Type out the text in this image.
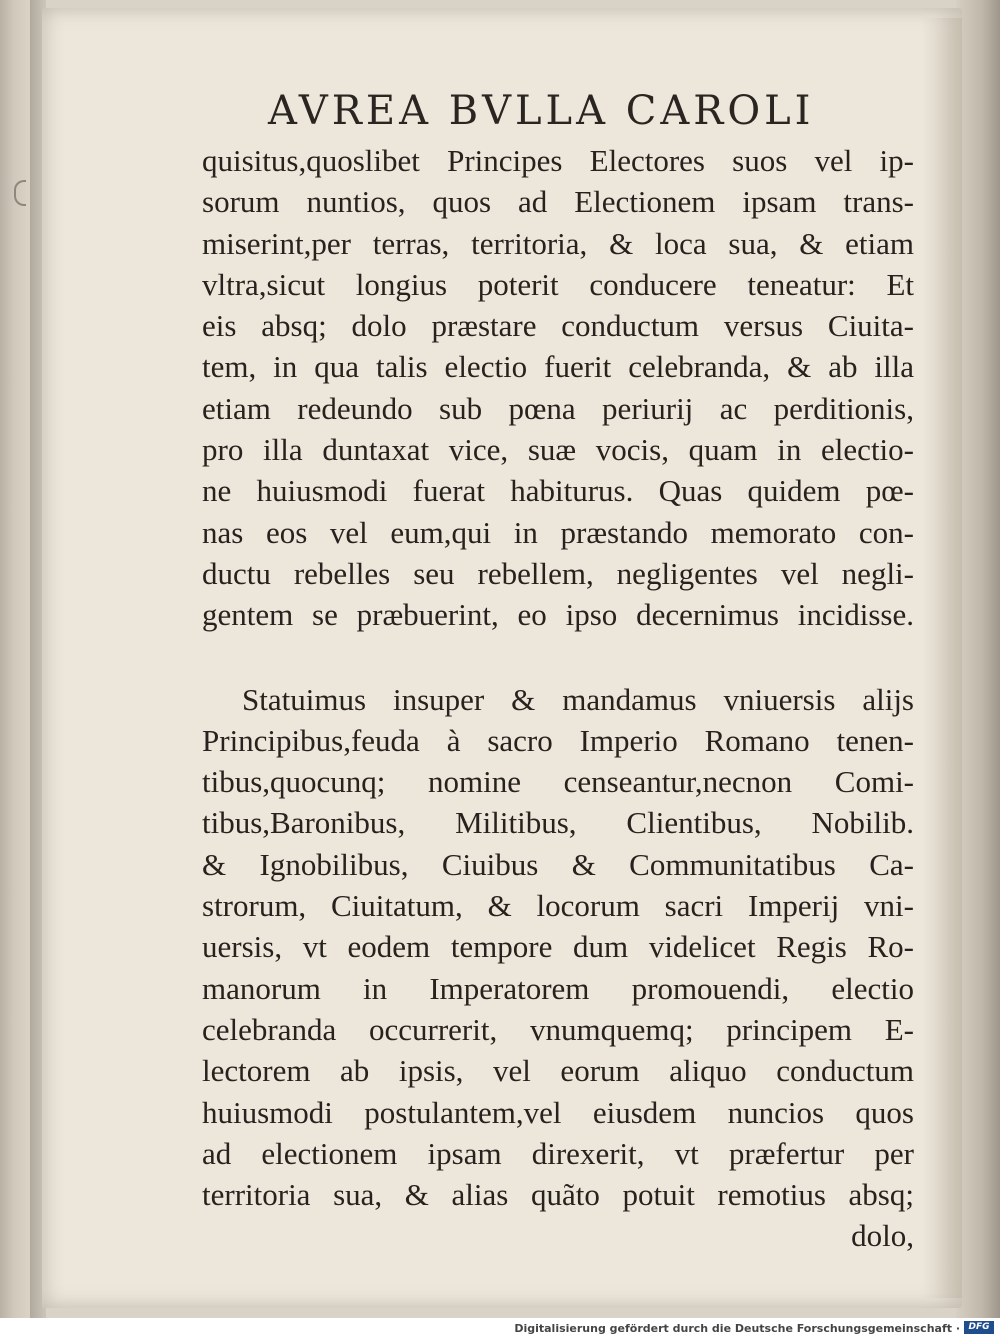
AVREA BVLLA CAROLI
quisitus,quoslibet Principes Electores suos vel ip-
sorum nuntios, quos ad Electionem ipsam trans-
miserint,per terras, territoria, & loca sua, & etiam
vltra,sicut longius poterit conducere teneatur: Et
eis absq; dolo præstare conductum versus Ciuita-
tem, in qua talis electio fuerit celebranda, & ab illa
etiam redeundo sub pœna periurij ac perditionis,
pro illa duntaxat vice, suæ vocis, quam in electio-
ne huiusmodi fuerat habiturus. Quas quidem pœ-
nas eos vel eum,qui in præstando memorato con-
ductu rebelles seu rebellem, negligentes vel negli-
gentem se præbuerint, eo ipso decernimus incidisse.
Statuimus insuper & mandamus vniuersis alijs
Principibus,feuda à sacro Imperio Romano tenen-
tibus,quocunq; nomine censeantur,necnon Comi-
tibus,Baronibus, Militibus, Clientibus, Nobilib.
& Ignobilibus, Ciuibus & Communitatibus Ca-
strorum, Ciuitatum, & locorum sacri Imperij vni-
uersis, vt eodem tempore dum videlicet Regis Ro-
manorum in Imperatorem promouendi, electio
celebranda occurrerit, vnumquemq; principem E-
lectorem ab ipsis, vel eorum aliquo conductum
huiusmodi postulantem,vel eiusdem nuncios quos
ad electionem ipsam direxerit, vt præfertur per
territoria sua, & alias quãto potuit remotius absq;
dolo,
Digitalisierung gefördert durch die Deutsche Forschungsgemeinschaft · DFG
